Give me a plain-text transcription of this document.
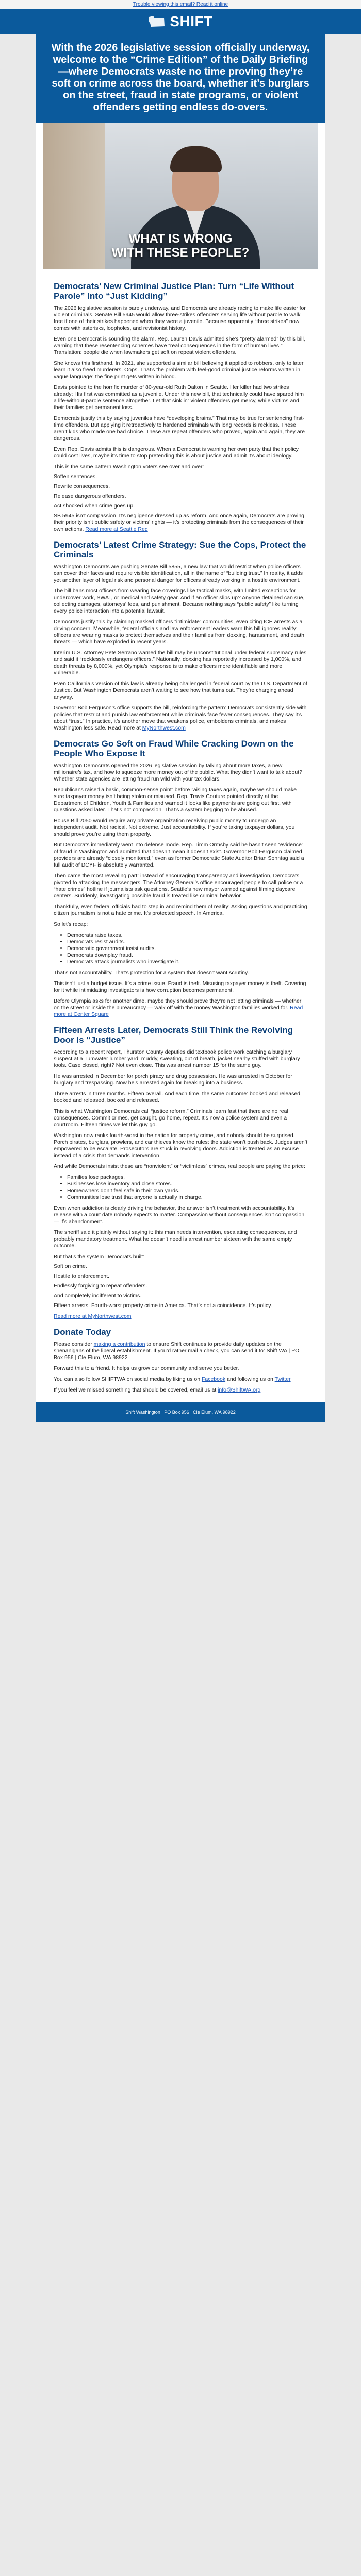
Trouble viewing this email? Read it online
SHIFT
With the 2026 legislative session officially underway, welcome to the “Crime Edition” of the Daily Briefing—where Democrats waste no time proving they’re soft on crime across the board, whether it’s burglars on the street, fraud in state programs, or violent offenders getting endless do-overs.
WHAT IS WRONG
WITH THESE PEOPLE?
Democrats’ New Criminal Justice Plan: Turn “Life Without Parole” Into “Just Kidding”

The 2026 legislative session is barely underway, and Democrats are already racing to make life easier for violent criminals. Senate Bill 5945 would allow three-strikes offenders serving life without parole to walk free if one of their strikes happened when they were a juvenile. Because apparently “three strikes” now comes with asterisks, loopholes, and revisionist history.

Even one Democrat is sounding the alarm. Rep. Lauren Davis admitted she’s “pretty alarmed” by this bill, warning that these resentencing schemes have “real consequences in the form of human lives.” Translation: people die when lawmakers get soft on repeat violent offenders.

She knows this firsthand. In 2021, she supported a similar bill believing it applied to robbers, only to later learn it also freed murderers. Oops. That’s the problem with feel-good criminal justice reforms written in vague language: the fine print gets written in blood.

Davis pointed to the horrific murder of 80-year-old Ruth Dalton in Seattle. Her killer had two strikes already: His first was committed as a juvenile. Under this new bill, that technically could have spared him a life-without-parole sentence altogether. Let that sink in: violent offenders get mercy, while victims and their families get permanent loss.

Democrats justify this by saying juveniles have “developing brains.” That may be true for sentencing first-time offenders. But applying it retroactively to hardened criminals with long records is reckless. These aren’t kids who made one bad choice. These are repeat offenders who proved, again and again, they are dangerous.

Even Rep. Davis admits this is dangerous. When a Democrat is warning her own party that their policy could cost lives, maybe it’s time to stop pretending this is about justice and admit it’s about ideology.

This is the same pattern Washington voters see over and over:

Soften sentences.

Rewrite consequences.

Release dangerous offenders.

Act shocked when crime goes up.

SB 5945 isn’t compassion. It’s negligence dressed up as reform. And once again, Democrats are proving their priority isn’t public safety or victims’ rights — it’s protecting criminals from the consequences of their own actions. Read more at Seattle Red

Democrats’ Latest Crime Strategy: Sue the Cops, Protect the Criminals

Washington Democrats are pushing Senate Bill 5855, a new law that would restrict when police officers can cover their faces and require visible identification, all in the name of “building trust.” In reality, it adds yet another layer of legal risk and personal danger for officers already working in a hostile environment.

The bill bans most officers from wearing face coverings like tactical masks, with limited exceptions for undercover work, SWAT, or medical and safety gear. And if an officer slips up? Anyone detained can sue, collecting damages, attorneys’ fees, and punishment. Because nothing says “public safety” like turning every police interaction into a potential lawsuit.

Democrats justify this by claiming masked officers “intimidate” communities, even citing ICE arrests as a driving concern. Meanwhile, federal officials and law enforcement leaders warn this bill ignores reality: officers are wearing masks to protect themselves and their families from doxxing, harassment, and death threats — which have exploded in recent years.

Interim U.S. Attorney Pete Serrano warned the bill may be unconstitutional under federal supremacy rules and said it “recklessly endangers officers.” Nationally, doxxing has reportedly increased by 1,000%, and death threats by 8,000%, yet Olympia’s response is to make officers more identifiable and more vulnerable.

Even California’s version of this law is already being challenged in federal court by the U.S. Department of Justice. But Washington Democrats aren’t waiting to see how that turns out. They’re charging ahead anyway.

Governor Bob Ferguson’s office supports the bill, reinforcing the pattern: Democrats consistently side with policies that restrict and punish law enforcement while criminals face fewer consequences. They say it’s about “trust.” In practice, it’s another move that weakens police, emboldens criminals, and makes Washington less safe. Read more at MyNorthwest.com

Democrats Go Soft on Fraud While Cracking Down on the People Who Expose It

Washington Democrats opened the 2026 legislative session by talking about more taxes, a new millionaire’s tax, and how to squeeze more money out of the public. What they didn’t want to talk about? Whether state agencies are letting fraud run wild with your tax dollars.

Republicans raised a basic, common-sense point: before raising taxes again, maybe we should make sure taxpayer money isn’t being stolen or misused. Rep. Travis Couture pointed directly at the Department of Children, Youth & Families and warned it looks like payments are going out first, with questions asked later. That’s not compassion. That’s a system begging to be abused.

House Bill 2050 would require any private organization receiving public money to undergo an independent audit. Not radical. Not extreme. Just accountability. If you’re taking taxpayer dollars, you should prove you’re using them properly.

But Democrats immediately went into defense mode. Rep. Timm Ormsby said he hasn’t seen “evidence” of fraud in Washington and admitted that doesn’t mean it doesn’t exist. Governor Bob Ferguson claimed providers are already “closely monitored,” even as former Democratic State Auditor Brian Sonntag said a full audit of DCYF is absolutely warranted.

Then came the most revealing part: instead of encouraging transparency and investigation, Democrats pivoted to attacking the messengers. The Attorney General’s office encouraged people to call police or a “hate crimes” hotline if journalists ask questions. Seattle’s new mayor warned against filming daycare centers. Suddenly, investigating possible fraud is treated like criminal behavior.

Thankfully, even federal officials had to step in and remind them of reality: Asking questions and practicing citizen journalism is not a hate crime. It’s protected speech. In America.

So let’s recap:

• Democrats raise taxes.
• Democrats resist audits.
• Democratic government insist audits.
• Democrats downplay fraud.
• Democrats attack journalists who investigate it.

That’s not accountability. That’s protection for a system that doesn’t want scrutiny.

This isn’t just a budget issue. It’s a crime issue. Fraud is theft. Misusing taxpayer money is theft. Covering for it while intimidating investigators is how corruption becomes permanent.

Before Olympia asks for another dime, maybe they should prove they’re not letting criminals — whether on the street or inside the bureaucracy — walk off with the money Washington families worked for. Read more at Center Square

Fifteen Arrests Later, Democrats Still Think the Revolving Door Is “Justice”

According to a recent report, Thurston County deputies did textbook police work catching a burglary suspect at a Tumwater lumber yard: muddy, sweating, out of breath, jacket nearby stuffed with burglary tools. Case closed, right? Not even close. This was arrest number 15 for the same guy.

He was arrested in December for porch piracy and drug possession. He was arrested in October for burglary and trespassing. Now he’s arrested again for breaking into a business.

Three arrests in three months. Fifteen overall. And each time, the same outcome: booked and released, booked and released, booked and released.

This is what Washington Democrats call “justice reform.” Criminals learn fast that there are no real consequences. Commit crimes, get caught, go home, repeat. It’s now a police system and even a courtroom. Fifteen times we let this guy go.

Washington now ranks fourth-worst in the nation for property crime, and nobody should be surprised. Porch pirates, burglars, prowlers, and car thieves know the rules: the state won’t push back. Judges aren’t empowered to be escalate. Prosecutors are stuck in revolving doors. Addiction is treated as an excuse instead of a crisis that demands intervention.

And while Democrats insist these are “nonviolent” or “victimless” crimes, real people are paying the price:

• Families lose packages.
• Businesses lose inventory and close stores.
• Homeowners don’t feel safe in their own yards.
• Communities lose trust that anyone is actually in charge.

Even when addiction is clearly driving the behavior, the answer isn’t treatment with accountability. It’s release with a court date nobody expects to matter. Compassion without consequences isn’t compassion — it’s abandonment.

The sheriff said it plainly without saying it: this man needs intervention, escalating consequences, and probably mandatory treatment. What he doesn’t need is arrest number sixteen with the same empty outcome.

But that’s the system Democrats built:

Soft on crime.

Hostile to enforcement.

Endlessly forgiving to repeat offenders.

And completely indifferent to victims.

Fifteen arrests. Fourth-worst property crime in America. That’s not a coincidence. It’s policy.

Read more at MyNorthwest.com

Donate Today

Please consider making a contribution to ensure Shift continues to provide daily updates on the shenanigans of the liberal establishment. If you’d rather mail a check, you can send it to: Shift WA | PO Box 956 | Cle Elum, WA 98922

Forward this to a friend. It helps us grow our community and serve you better.

You can also follow SHIFTWA on social media by liking us on Facebook and following us on Twitter

If you feel we missed something that should be covered, email us at info@ShiftWA.org

Shift Washington | PO Box 956 | Cle Elum, WA 98922
